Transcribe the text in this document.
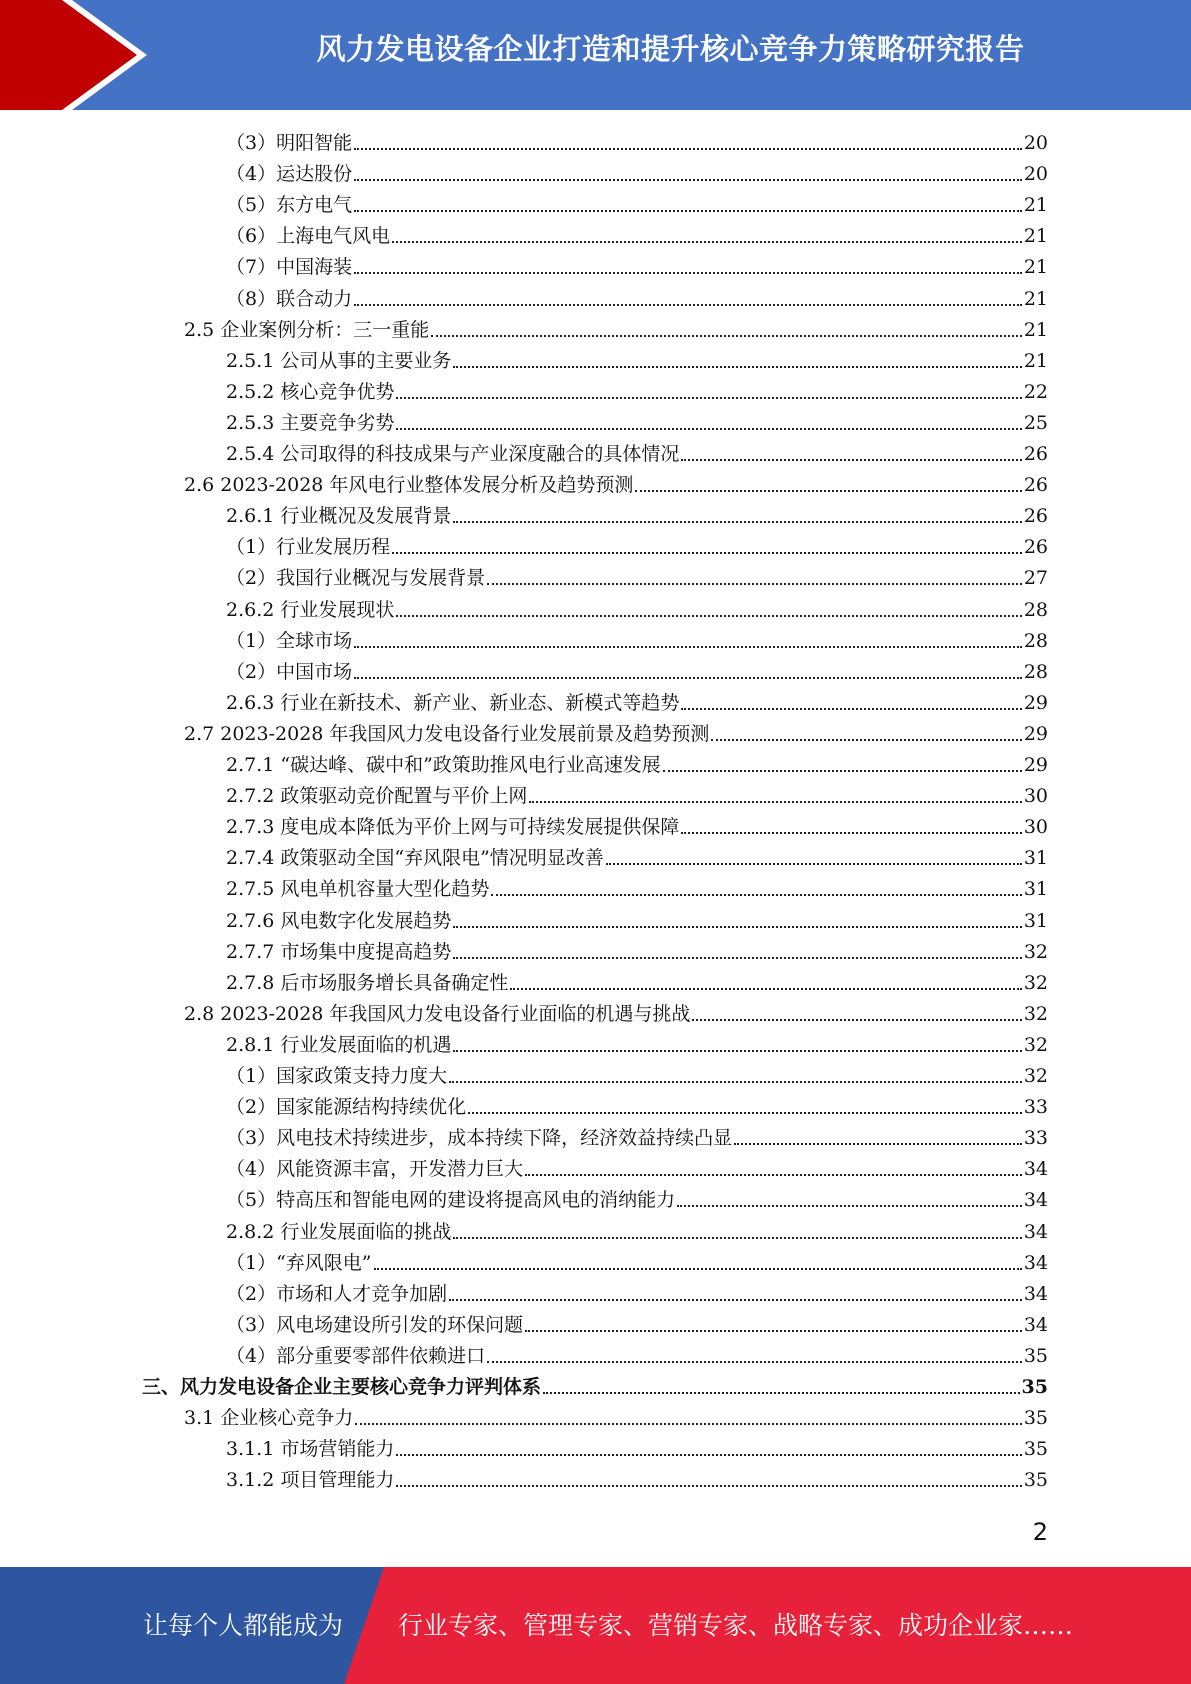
风力发电设备企业打造和提升核心竞争力策略研究报告
（3）明阳智能	20
（4）运达股份	20
（5）东方电气	21
（6）上海电气风电	21
（7）中国海装	21
（8）联合动力	21
2.5 企业案例分析：三一重能	21
2.5.1 公司从事的主要业务	21
2.5.2 核心竞争优势	22
2.5.3 主要竞争劣势	25
2.5.4 公司取得的科技成果与产业深度融合的具体情况	26
2.6 2023-2028 年风电行业整体发展分析及趋势预测	26
2.6.1 行业概况及发展背景	26
（1）行业发展历程	26
（2）我国行业概况与发展背景	27
2.6.2 行业发展现状	28
（1）全球市场	28
（2）中国市场	28
2.6.3 行业在新技术、新产业、新业态、新模式等趋势	29
2.7 2023-2028 年我国风力发电设备行业发展前景及趋势预测	29
2.7.1 “碳达峰、碳中和”政策助推风电行业高速发展	29
2.7.2 政策驱动竞价配置与平价上网	30
2.7.3 度电成本降低为平价上网与可持续发展提供保障	30
2.7.4 政策驱动全国“弃风限电”情况明显改善	31
2.7.5 风电单机容量大型化趋势	31
2.7.6 风电数字化发展趋势	31
2.7.7 市场集中度提高趋势	32
2.7.8 后市场服务增长具备确定性	32
2.8 2023-2028 年我国风力发电设备行业面临的机遇与挑战	32
2.8.1 行业发展面临的机遇	32
（1）国家政策支持力度大	32
（2）国家能源结构持续优化	33
（3）风电技术持续进步，成本持续下降，经济效益持续凸显	33
（4）风能资源丰富，开发潜力巨大	34
（5）特高压和智能电网的建设将提高风电的消纳能力	34
2.8.2 行业发展面临的挑战	34
（1）“弃风限电”	34
（2）市场和人才竞争加剧	34
（3）风电场建设所引发的环保问题	34
（4）部分重要零部件依赖进口	35
三、风力发电设备企业主要核心竞争力评判体系	35
3.1 企业核心竞争力	35
3.1.1 市场营销能力	35
3.1.2 项目管理能力	35
2
让每个人都能成为 行业专家、管理专家、营销专家、战略专家、成功企业家……
